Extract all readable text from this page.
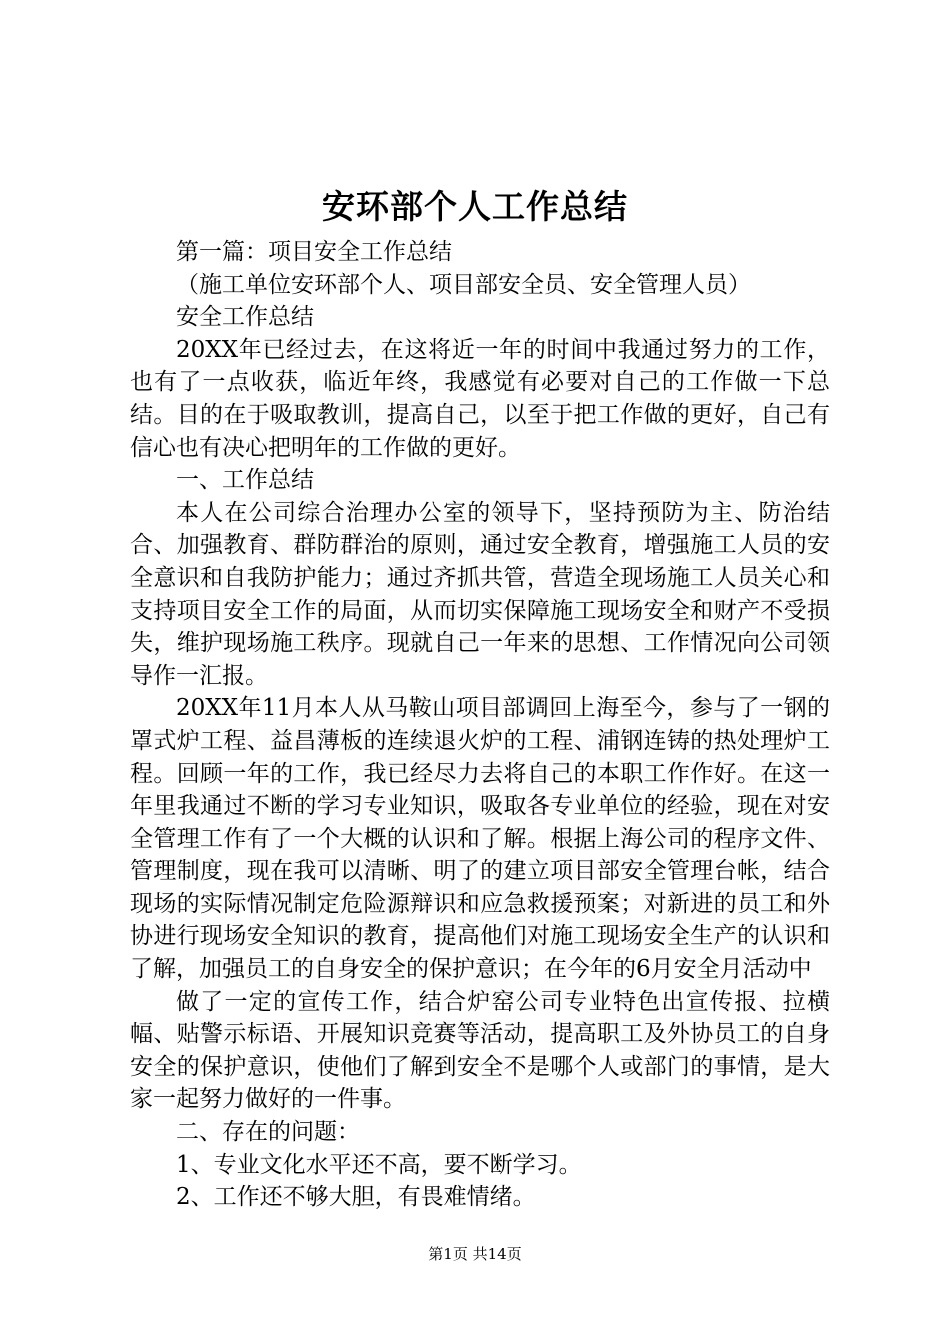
安环部个人工作总结

第一篇：项目安全工作总结

（施工单位安环部个人、项目部安全员、安全管理人员）

安全工作总结

20XX年已经过去，在这将近一年的时间中我通过努力的工作，也有了一点收获，临近年终，我感觉有必要对自己的工作做一下总结。目的在于吸取教训，提高自己，以至于把工作做的更好，自己有信心也有决心把明年的工作做的更好。

一、工作总结

本人在公司综合治理办公室的领导下，坚持预防为主、防治结合、加强教育、群防群治的原则，通过安全教育，增强施工人员的安全意识和自我防护能力；通过齐抓共管，营造全现场施工人员关心和支持项目安全工作的局面，从而切实保障施工现场安全和财产不受损失，维护现场施工秩序。现就自己一年来的思想、工作情况向公司领导作一汇报。

20XX年11月本人从马鞍山项目部调回上海至今，参与了一钢的罩式炉工程、益昌薄板的连续退火炉的工程、浦钢连铸的热处理炉工程。回顾一年的工作，我已经尽力去将自己的本职工作作好。在这一年里我通过不断的学习专业知识，吸取各专业单位的经验，现在对安全管理工作有了一个大概的认识和了解。根据上海公司的程序文件、管理制度，现在我可以清晰、明了的建立项目部安全管理台帐，结合现场的实际情况制定危险源辩识和应急救援预案；对新进的员工和外协进行现场安全知识的教育，提高他们对施工现场安全生产的认识和了解，加强员工的自身安全的保护意识；在今年的6月安全月活动中

做了一定的宣传工作，结合炉窑公司专业特色出宣传报、拉横幅、贴警示标语、开展知识竞赛等活动，提高职工及外协员工的自身安全的保护意识，使他们了解到安全不是哪个人或部门的事情，是大家一起努力做好的一件事。

二、存在的问题：

1、专业文化水平还不高，要不断学习。

2、工作还不够大胆，有畏难情绪。

第1页 共14页
